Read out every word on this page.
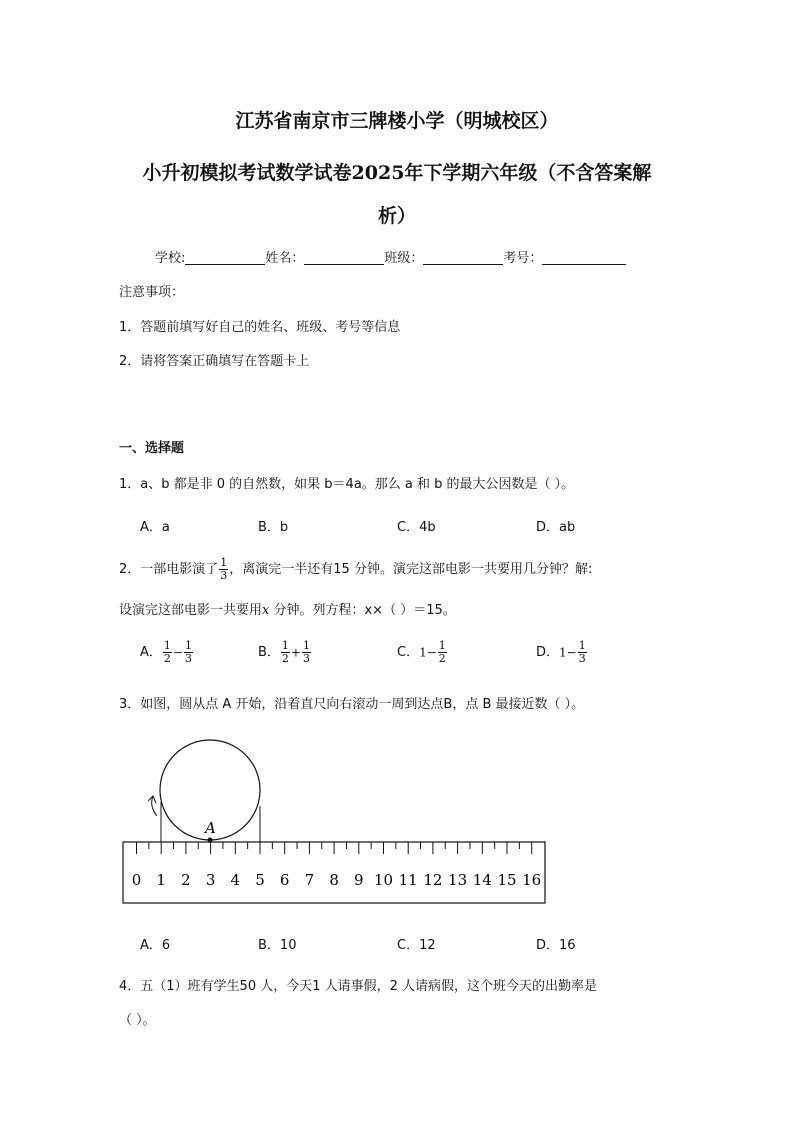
江苏省南京市三牌楼小学（明城校区）
小升初模拟考试数学试卷2025年下学期六年级（不含答案解
析）
学校:	姓名：	班级：	考号：
注意事项：
1．答题前填写好自己的姓名、班级、考号等信息
2．请将答案正确填写在答题卡上
一、选择题
1．a、b 都是非 0 的自然数，如果 b＝4a。那么 a 和 b 的最大公因数是（ ）。
A．a	B．b	C．4b	D．ab
2．一部电影演了 $\frac{1}{3}$ ，离演完一半还有15 分钟。演完这部电影一共要用几分钟？解:
设演完这部电影一共要用x 分钟。列方程：x×（ ）＝15。
A． $\frac{1}{2} - \frac{1}{3}$	B． $\frac{1}{2} + \frac{1}{3}$	C．$1- \frac{1}{2}$	D．$1- \frac{1}{3}$
3．如图，圆从点 A 开始，沿着直尺向右滚动一周到达点B，点 B 最接近数（ ）。
A
0 1 2 3 4 5 6 7 8 9 10 11 12 13 14 15 16
A．6	B．10	C．12	D．16
4．五（1）班有学生50 人，今天1 人请事假，2 人请病假，这个班今天的出勤率是
（ ）。
